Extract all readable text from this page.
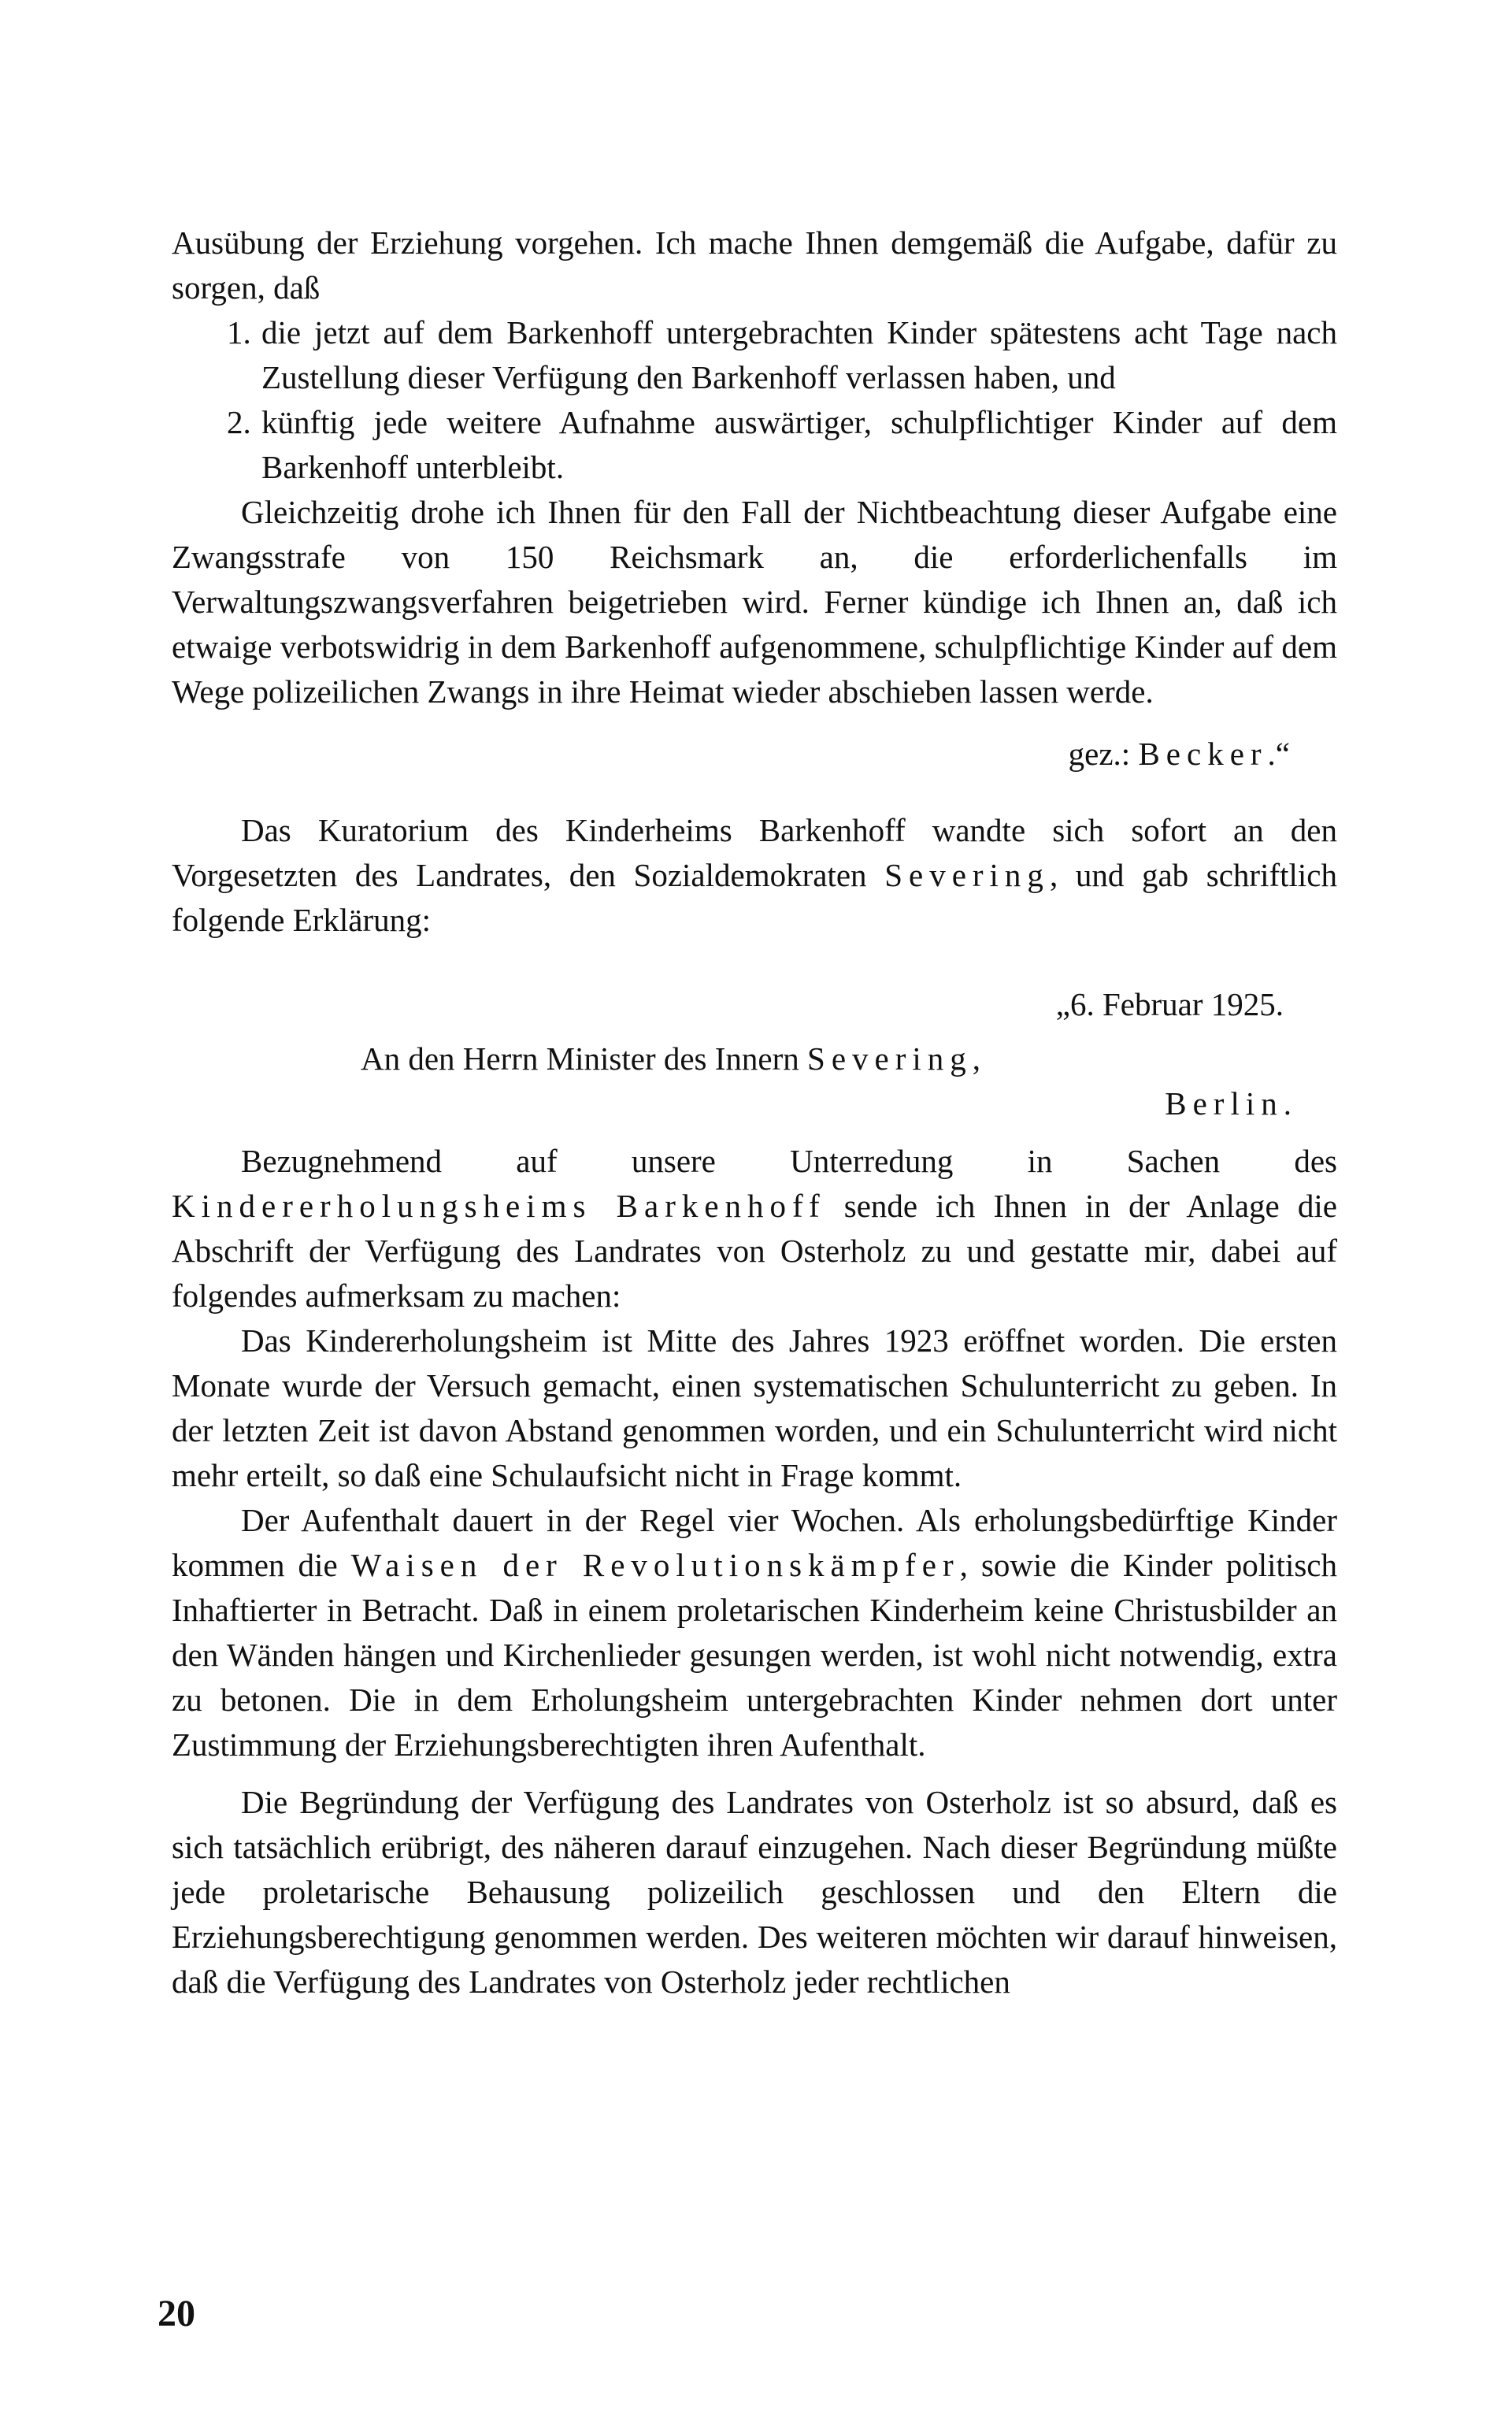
Ausübung der Erziehung vorgehen. Ich mache Ihnen demgemäß die Aufgabe, dafür zu sorgen, daß

1. die jetzt auf dem Barkenhoff untergebrachten Kinder spätestens acht Tage nach Zustellung dieser Verfügung den Barkenhoff verlassen haben, und

2. künftig jede weitere Aufnahme auswärtiger, schulpflichtiger Kinder auf dem Barkenhoff unterbleibt.

Gleichzeitig drohe ich Ihnen für den Fall der Nichtbeachtung dieser Aufgabe eine Zwangsstrafe von 150 Reichsmark an, die erforderlichenfalls im Verwaltungszwangsverfahren beigetrieben wird. Ferner kündige ich Ihnen an, daß ich etwaige verbotswidrig in dem Barkenhoff aufgenommene, schulpflichtige Kinder auf dem Wege polizeilichen Zwangs in ihre Heimat wieder abschieben lassen werde.

gez.: Becker.“

Das Kuratorium des Kinderheims Barkenhoff wandte sich sofort an den Vorgesetzten des Landrates, den Sozialdemokraten Severing, und gab schriftlich folgende Erklärung:

„6. Februar 1925.

An den Herrn Minister des Innern Severing,

Berlin.

Bezugnehmend auf unsere Unterredung in Sachen des Kindererholungsheims Barkenhoff sende ich Ihnen in der Anlage die Abschrift der Verfügung des Landrates von Osterholz zu und gestatte mir, dabei auf folgendes aufmerksam zu machen:

Das Kindererholungsheim ist Mitte des Jahres 1923 eröffnet worden. Die ersten Monate wurde der Versuch gemacht, einen systematischen Schulunterricht zu geben. In der letzten Zeit ist davon Abstand genommen worden, und ein Schulunterricht wird nicht mehr erteilt, so daß eine Schulaufsicht nicht in Frage kommt.

Der Aufenthalt dauert in der Regel vier Wochen. Als erholungsbedürftige Kinder kommen die Waisen der Revolutionskämpfer, sowie die Kinder politisch Inhaftierter in Betracht. Daß in einem proletarischen Kinderheim keine Christusbilder an den Wänden hängen und Kirchenlieder gesungen werden, ist wohl nicht notwendig, extra zu betonen. Die in dem Erholungsheim untergebrachten Kinder nehmen dort unter Zustimmung der Erziehungsberechtigten ihren Aufenthalt.

Die Begründung der Verfügung des Landrates von Osterholz ist so absurd, daß es sich tatsächlich erübrigt, des näheren darauf einzugehen. Nach dieser Begründung müßte jede proletarische Behausung polizeilich geschlossen und den Eltern die Erziehungsberechtigung genommen werden. Des weiteren möchten wir darauf hinweisen, daß die Verfügung des Landrates von Osterholz jeder rechtlichen

20
